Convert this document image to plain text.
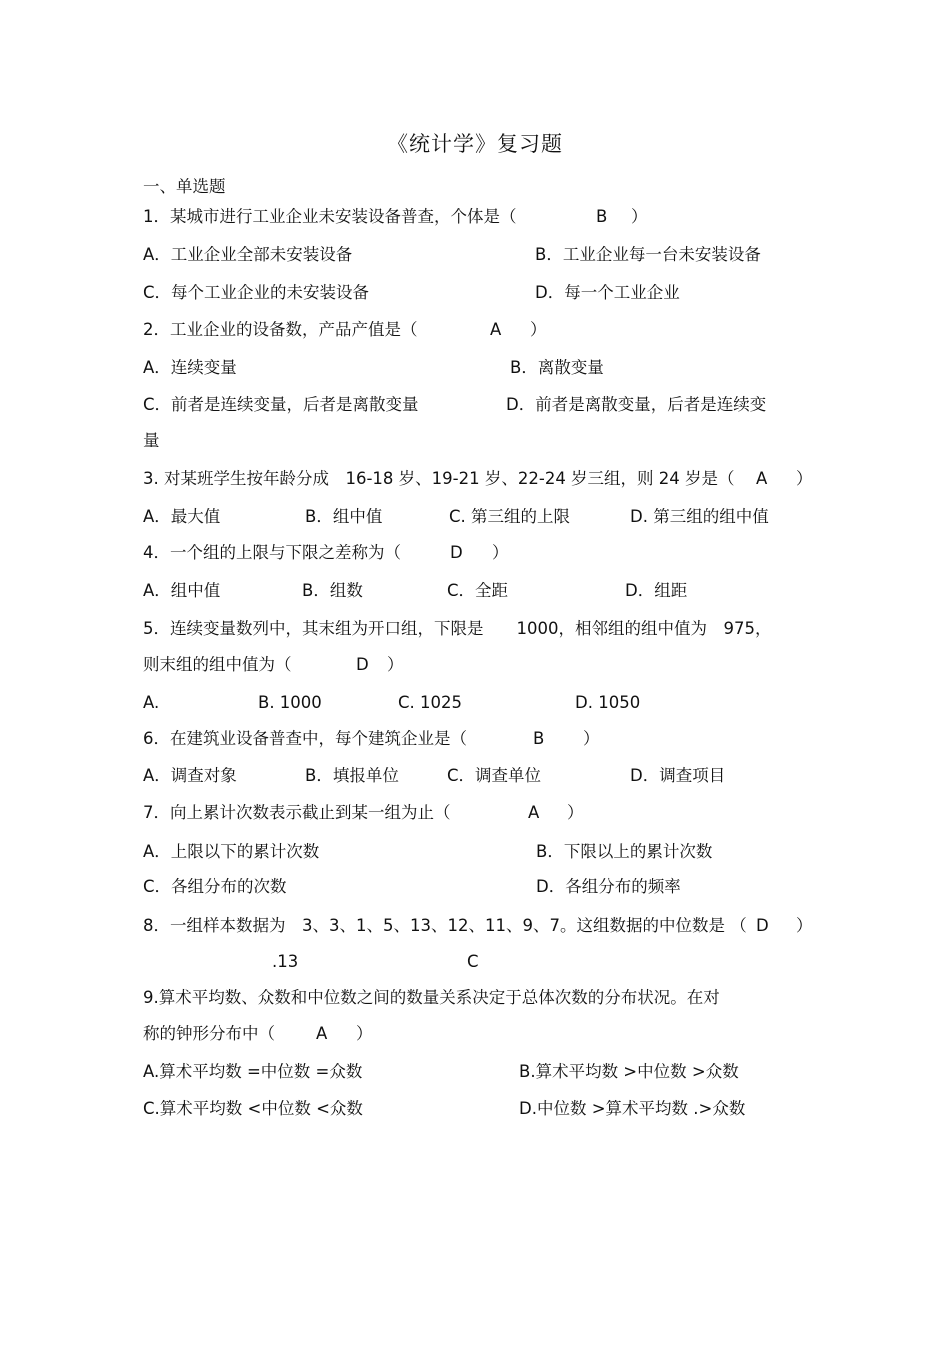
《统计学》复习题
一、单选题
1．某城市进行工业企业未安装设备普查，个体是（	B ）
A．工业企业全部未安装设备	B．工业企业每一台未安装设备
C．每个工业企业的未安装设备	D．每一个工业企业
2．工业企业的设备数，产品产值是（	A ）
A．连续变量	B．离散变量
C．前者是连续变量，后者是离散变量	D．前者是离散变量，后者是连续变
量
3. 对某班学生按年龄分成　16-18 岁、19-21 岁、22-24 岁三组，则 24 岁是（ A ）
A．最大值	B．组中值	C. 第三组的上限	D. 第三组的组中值
4．一个组的上限与下限之差称为（	D ）
A．组中值	B．组数	C．全距	D．组距
5．连续变量数列中，其末组为开口组，下限是　　1000，相邻组的组中值为　975，
则末组的组中值为（	D ）
A.	B. 1000	C. 1025	D. 1050
6．在建筑业设备普查中，每个建筑企业是（	B ）
A．调查对象	B．填报单位	C．调查单位	D．调查项目
7．向上累计次数表示截止到某一组为止（	A ）
A．上限以下的累计次数	B．下限以上的累计次数
C．各组分布的次数	D．各组分布的频率
8．一组样本数据为　3、3、1、5、13、12、11、9、7。这组数据的中位数是 （ D ）
.13	C
9.算术平均数、众数和中位数之间的数量关系决定于总体次数的分布状况。在对
称的钟形分布中（ A ）
A.算术平均数 =中位数 =众数	B.算术平均数 >中位数 >众数
C.算术平均数 <中位数 <众数	D.中位数 >算术平均数 .>众数
